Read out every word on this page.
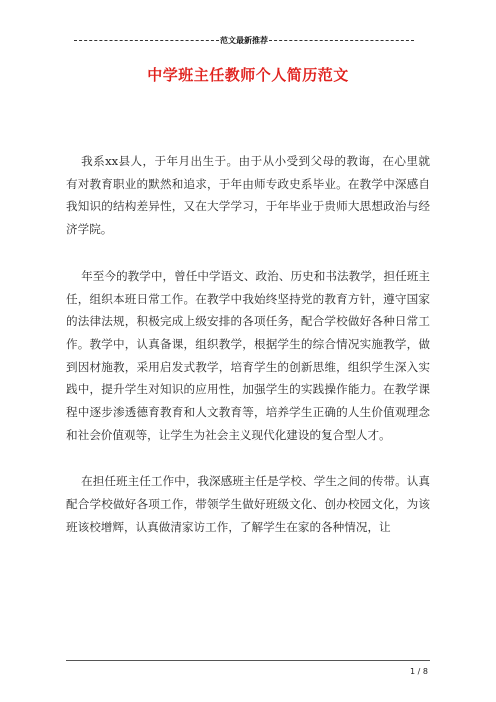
范文最新推荐
中学班主任教师个人简历范文

我系xx县人，于年月出生于。由于从小受到父母的教诲，在心里就有对教育职业的默然和追求，于年由师专政史系毕业。在教学中深感自我知识的结构差异性，又在大学学习，于年毕业于贵师大思想政治与经济学院。

年至今的教学中，曾任中学语文、政治、历史和书法教学，担任班主任，组织本班日常工作。在教学中我始终坚持党的教育方针，遵守国家的法律法规，积极完成上级安排的各项任务，配合学校做好各种日常工作。教学中，认真备课，组织教学，根据学生的综合情况实施教学，做到因材施教，采用启发式教学，培育学生的创新思维，组织学生深入实践中，提升学生对知识的应用性，加强学生的实践操作能力。在教学课程中逐步渗透德育教育和人文教育等，培养学生正确的人生价值观理念和社会价值观等，让学生为社会主义现代化建设的复合型人才。

在担任班主任工作中，我深感班主任是学校、学生之间的传带。认真配合学校做好各项工作，带领学生做好班级文化、创办校园文化，为该班该校增辉，认真做清家访工作，了解学生在家的各种情况，让

1 / 8
